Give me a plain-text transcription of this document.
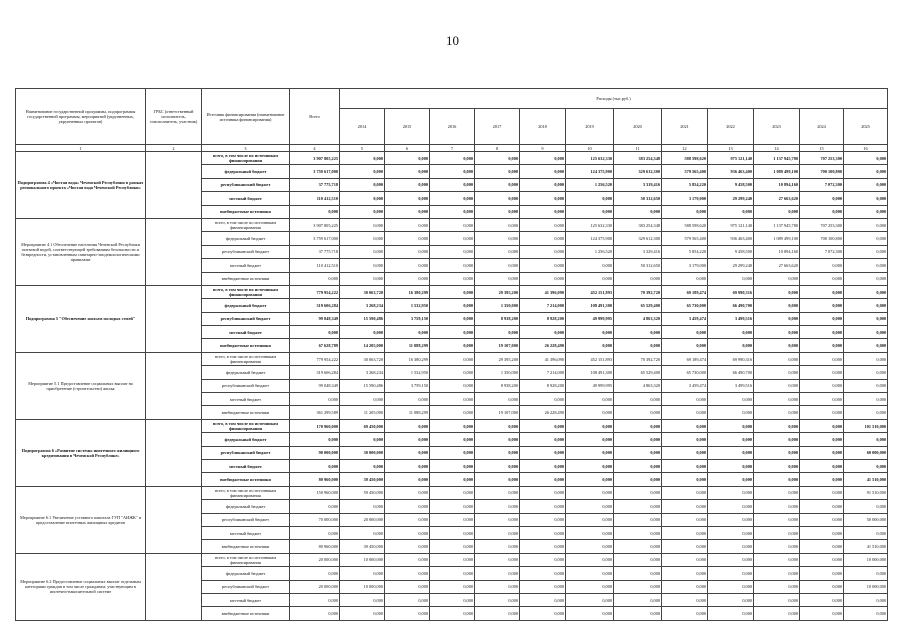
10
Наименование государственной программы, подпрограммы государственной программы, мероприятий (укрупненных, укрупненных проектов)	ГРБС (ответственный исполнитель, соисполнитель, участник)	Источник финансирования (наименование источника финансирования)	Всего	Расходы (тыс.руб.)											
				2014	2015	2016	2017	2018	2019	2020	2021	2022	2023	2024	2025
1	2	3	4	5	6	7	8	9	10	11	12	13	14	15	16
Подпрограмма 4 «Чистая вода» Чеченской Республики в рамках регионального проекта «Чистая вода Чеченской Республики»		всего, в том числе по источникам финансирования	3 907 805,225	0,000	0,000	0,000	0,000	0,000	125 632,330	383 254,348	588 598,620	975 121,140	1 137 945,780	707 253,300	0,000
		федеральный бюджет	3 759 617,000	0,000	0,000	0,000	0,000	0,000	124 375,900	329 612,300	579 565,400	936 463,400	1 089 499,100	700 100,800	0,000
		республиканский бюджет	37 775,718	0,000	0,000	0,000	0,000	0,000	1 256,520	3 319,416	5 854,220	9 458,500	10 894,160	7 072,300	0,000
		местный бюджет	110 412,510	0,000	0,000	0,000	0,000	0,000	0,000	50 312,650	3 179,000	29 299,240	27 663,620	0,000	0,000
		внебюджетные источники	0,000	0,000	0,000	0,000	0,000	0,000	0,000	0,000	0,000	0,000	0,000	0,000	0,000
Мероприятие 4.1 Обеспечение населения Чеченской Республики питьевой водой, соответствующей требованиям безопасности и безвредности, установленным санитарно-эпидемиологическими правилами		всего, в том числе по источникам финансирования	3 907 805,225	0,000	0,000	0,000	0,000	0,000	125 632,330	383 254,348	588 598,620	975 121,140	1 137 945,780	707 253,300	0,000
		федеральный бюджет	3 759 617,000	0,000	0,000	0,000	0,000	0,000	124 375,900	329 612,300	579 565,400	936 463,400	1 089 499,100	700 100,800	0,000
		республиканский бюджет	37 775,718	0,000	0,000	0,000	0,000	0,000	1 256,520	3 329,416	5 854,220	9 458,500	10 894,160	7 072,300	0,000
		местный бюджет	110 412,510	0,000	0,000	0,000	0,000	0,000	0,000	50 312,650	3 179,000	29 299,240	27 663,620	0,000	0,000
		внебюджетные источники	0,000	0,000	0,000	0,000	0,000	0,000	0,000	0,000	0,000	0,000	0,000	0,000	0,000
Подпрограмма 5 "Обеспечение жильем молодых семей"		всего, в том числе по источникам финансирования	779 954,222	30 063,720	16 380,299	0,000	29 395,200	41 396,090	452 151,893	70 392,720	69 189,474	69 990,316	0,000	0,000	0,000
		федеральный бюджет	319 606,284	3 268,234	1 532,950	0,000	1 350,000	7 214,000	108 491,300	65 529,400	65 730,000	66 490,700	0,000	0,000	0,000
		республиканский бюджет	99 048,349	15 590,486	3 759,150	0,000	8 938,200	8 928,200	49 999,995	4 863,320	3 459,474	3 499,516	0,000	0,000	0,000
		местный бюджет	0,000	0,000	0,000	0,000	0,000	0,000	0,000	0,000	0,000	0,000	0,000	0,000	0,000
		внебюджетные источники	67 628,789	14 205,000	11 088,299	0,000	19 107,000	26 228,490	0,000	0,000	0,000	0,000	0,000	0,000	0,000
Мероприятие 5.1 Предоставление социальных выплат на приобретение (строительство) жилья		всего, в том числе по источникам финансирования	779 954,222	30 063,720	16 380,299	0,000	29 395,200	41 396,090	452 151,893	70 392,720	69 189,474	69 990,316	0,000	0,000	0,000
		федеральный бюджет	319 606,284	3 268,234	1 532,950	0,000	1 350,000	7 214,000	108 491,300	65 529,400	65 730,000	66 490,700	0,000	0,000	0,000
		республиканский бюджет	99 048,349	15 590,486	3 759,150	0,000	8 938,200	8 928,200	49 999,995	4 863,320	3 459,474	3 499,516	0,000	0,000	0,000
		местный бюджет	0,000	0,000	0,000	0,000	0,000	0,000	0,000	0,000	0,000	0,000	0,000	0,000	0,000
		внебюджетные источники	361 299,589	11 205,000	11 088,299	0,000	19 107,000	26 228,490	0,000	0,000	0,000	0,000	0,000	0,000	0,000
Подпрограмма 6 «Развитие системы ипотечного жилищного кредитования в Чеченской Республике»		всего, в том числе по источникам финансирования	170 960,000	69 450,000	0,000	0,000	0,000	0,000	0,000	0,000	0,000	0,000	0,000	0,000	101 510,000
		федеральный бюджет	0,000	0,000	0,000	0,000	0,000	0,000	0,000	0,000	0,000	0,000	0,000	0,000	0,000
		республиканский бюджет	90 000,000	30 000,000	0,000	0,000	0,000	0,000	0,000	0,000	0,000	0,000	0,000	0,000	60 000,000
		местный бюджет	0,000	0,000	0,000	0,000	0,000	0,000	0,000	0,000	0,000	0,000	0,000	0,000	0,000
		внебюджетные источники	80 960,000	39 450,000	0,000	0,000	0,000	0,000	0,000	0,000	0,000	0,000	0,000	0,000	41 510,000
Мероприятие 6.1 Увеличение уставного капитала ГУП "АИЖК" и предоставление ипотечных жилищных кредитов		всего, в том числе по источникам финансирования	150 960,000	59 450,000	0,000	0,000	0,000	0,000	0,000	0,000	0,000	0,000	0,000	0,000	91 510,000
		федеральный бюджет	0,000	0,000	0,000	0,000	0,000	0,000	0,000	0,000	0,000	0,000	0,000	0,000	0,000
		республиканский бюджет	70 000,000	20 000,000	0,000	0,000	0,000	0,000	0,000	0,000	0,000	0,000	0,000	0,000	50 000,000
		местный бюджет	0,000	0,000	0,000	0,000	0,000	0,000	0,000	0,000	0,000	0,000	0,000	0,000	0,000
		внебюджетные источники	80 960,000	39 450,000	0,000	0,000	0,000	0,000	0,000	0,000	0,000	0,000	0,000	0,000	41 510,000
Мероприятие 6.2 Предоставление социальных выплат отдельным категориям граждан в том числе гражданам, участвующим в ипотечно-накопительной системе		всего, в том числе по источникам финансирования	20 000,000	10 000,000	0,000	0,000	0,000	0,000	0,000	0,000	0,000	0,000	0,000	0,000	10 000,000
		федеральный бюджет	0,000	0,000	0,000	0,000	0,000	0,000	0,000	0,000	0,000	0,000	0,000	0,000	0,000
		республиканский бюджет	20 000,000	10 000,000	0,000	0,000	0,000	0,000	0,000	0,000	0,000	0,000	0,000	0,000	10 000,000
		местный бюджет	0,000	0,000	0,000	0,000	0,000	0,000	0,000	0,000	0,000	0,000	0,000	0,000	0,000
		внебюджетные источники	0,000	0,000	0,000	0,000	0,000	0,000	0,000	0,000	0,000	0,000	0,000	0,000	0,000
